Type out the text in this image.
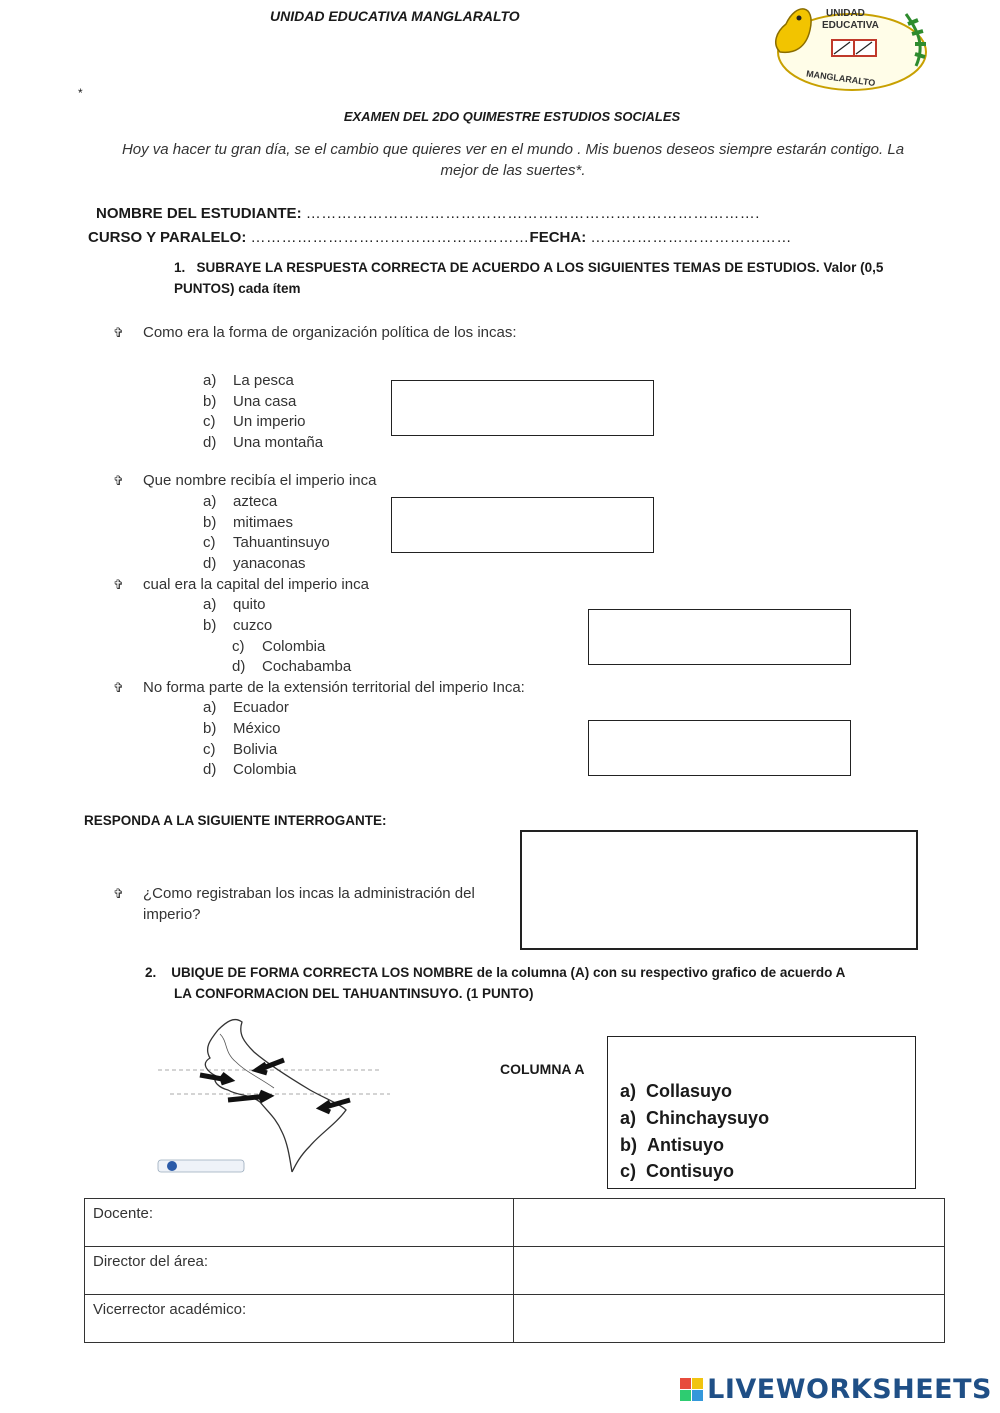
UNIDAD EDUCATIVA MANGLARALTO	UNIDAD
EDUCATIVA
MANGLARALTO
*
EXAMEN DEL 2DO QUIMESTRE ESTUDIOS SOCIALES
Hoy va hacer tu gran día, se el cambio que quieres ver en el mundo . Mis buenos deseos siempre estarán contigo. La mejor de las suertes*.
NOMBRE DEL ESTUDIANTE: …………………………………………………………………………….
CURSO Y PARALELO: ………………………………………………FECHA: …………………………………
1. SUBRAYE LA RESPUESTA CORRECTA DE ACUERDO A LOS SIGUIENTES TEMAS DE ESTUDIOS. Valor (0,5
PUNTOS) cada ítem
✞ Como era la forma de organización política de los incas:
a) La pesca
b) Una casa
c) Un imperio
d) Una montaña
✞ Que nombre recibía el imperio inca
a) azteca
b) mitimaes
c) Tahuantinsuyo
d) yanaconas
✞ cual era la capital del imperio inca
a) quito
b) cuzco
c) Colombia
d) Cochabamba
✞ No forma parte de la extensión territorial del imperio Inca:
a) Ecuador
b) México
c) Bolivia
d) Colombia
RESPONDA A LA SIGUIENTE INTERROGANTE:
✞ ¿Como registraban los incas la administración del
imperio?
2. UBIQUE DE FORMA CORRECTA LOS NOMBRE de la columna (A) con su respectivo grafico de acuerdo A
LA CONFORMACION DEL TAHUANTINSUYO. (1 PUNTO)
COLUMNA A
a) Collasuyo
a) Chinchaysuyo
b) Antisuyo
c) Contisuyo
Docente:	
Director del área:	
Vicerrector académico:	
LIVEWORKSHEETS
